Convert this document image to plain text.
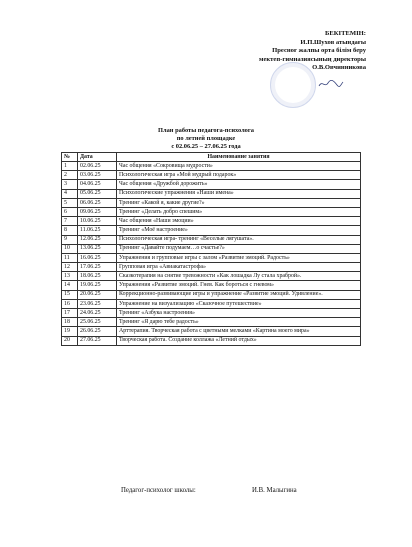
БЕКІТЕМІН:
И.П.Шухов атындағы
Пресноғ жалпы орта білім беру
мектеп-гимназиясының директоры
О.В.Овчинникова
План работы педагога-психолога
по летней площадке
с 02.06.25 – 27.06.25 года
№	Дата	Наименование занятия
1	02.06.25	Час общения «Сокровища мудрости»
2	03.06.25	Психологическая игра «Мой мудрый подарок»
3	04.06.25	Час общения «Дружбой дорожить»
4	05.06.25	Психологические упражнения «Наши имена»
5	06.06.25	Тренинг «Какой я, какие другие?»
6	09.06.25	Тренинг «Делать добро спешим»
7	10.06.25	Час общения «Наши эмоции»
8	11.06.25	Тренинг «Моё настроение»
9	12.06.25	Психологическая игра- тренинг «Веселые лягушата».
10	13.06.25	Тренинг «Давайте подумаем…о счастье?»
11	16.06.25	Упражнения и групповые игры с залом «Развитие эмоций. Радость»
12	17.06.25	Групповая игра «Авиакатастрофа»
13	18.06.25	Сказкотерапия на снятие тревожности «Как лошадка Лу стала храброй».
14	19.06.25	Упражнения «Развитие эмоций. Гнев. Как бороться с гневом»
15	20.06.25	Коррекционно-развивающие игры и упражнение «Развитие эмоций. Удивление».
16	23.06.25	Упражнение на визуализацию «Сказочное путешествие»
17	24.06.25	Тренинг «Азбука настроения»
18	25.06.25	Тренинг «Я дарю тебе радость»
19	26.06.25	Арттерапия. Творческая работа с цветными мелками «Картина моего мира»
20	27.06.25	Творческая работа. Создание коллажа «Летний отдых»
Педагог-психолог школы:	И.В. Малыгина
